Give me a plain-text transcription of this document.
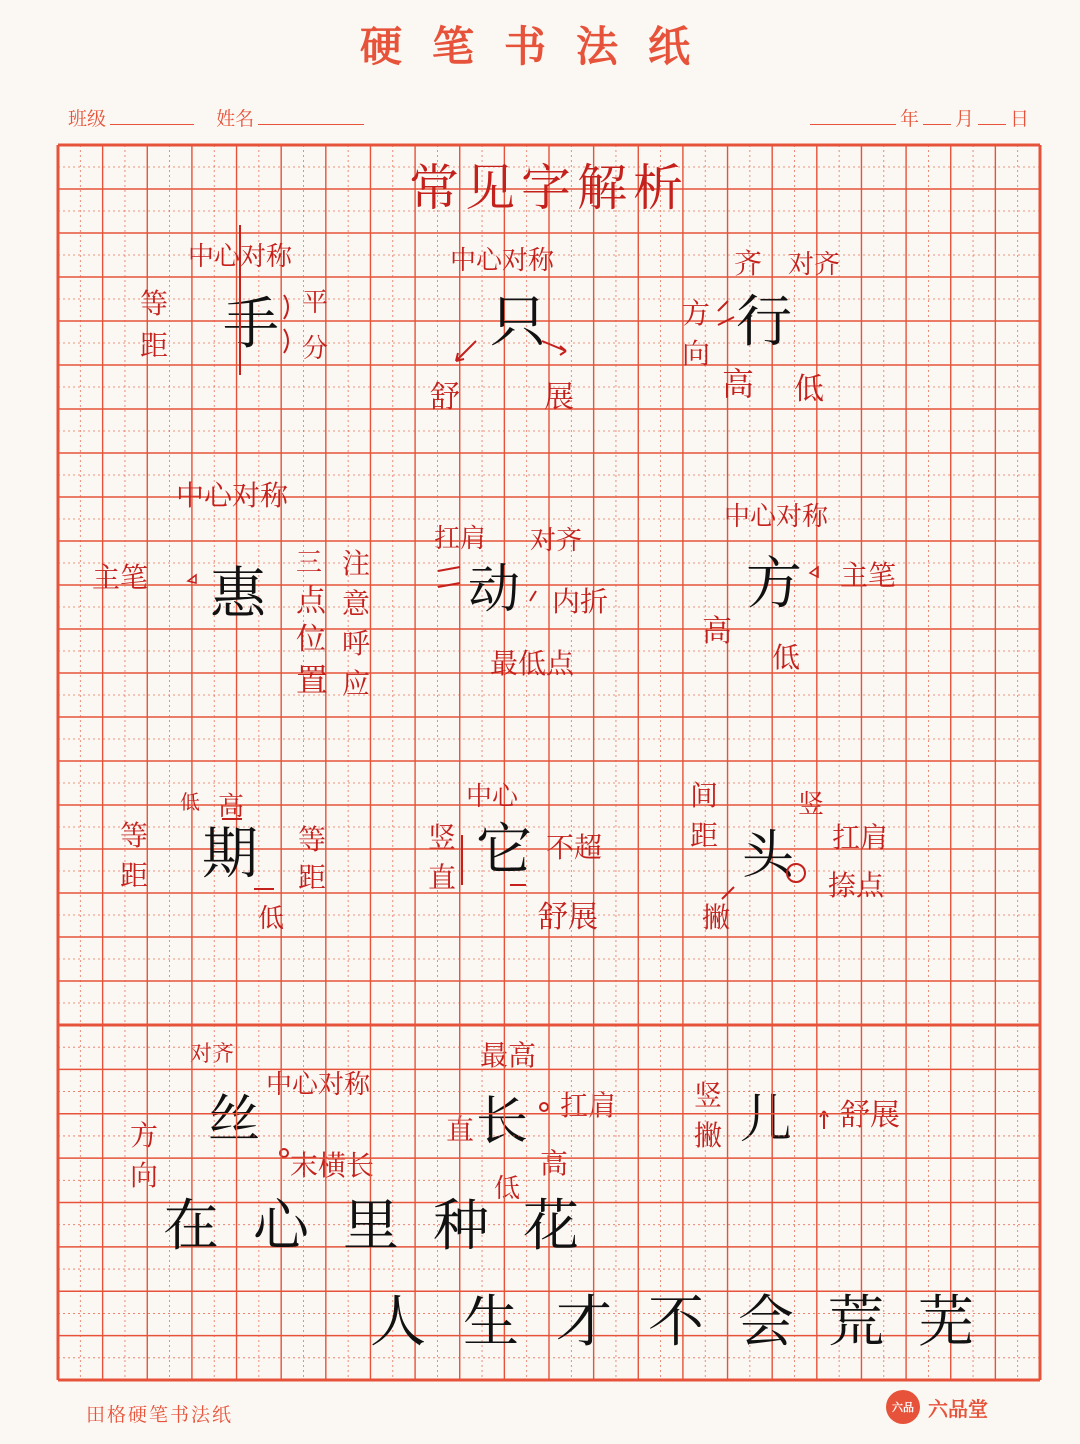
硬笔书法纸
班级	姓名	年 月 日
常见字解析
中心对称
等
距 手 平
分
中心对称
只
舒	展
齐 对齐
方
向 行
高 低
中心对称
主笔 惠 三
点
位
置
注
意
呼
应
扛肩 对齐
动 内折
最低点
中心对称
方 主笔
高
低
高
低
等
距 期 等
距
低
中心
竖
直 它 不超
舒展
间
距
竖
头 扛肩
捺点
撇
对齐
中心对称
方
向
丝
末横长
最高
直 长 扛肩
高
低
竖
撇 儿 舒展
在 心 里 种 花
人 生 才 不 会 荒 芜
田格硬笔书法纸	六品 六品堂
